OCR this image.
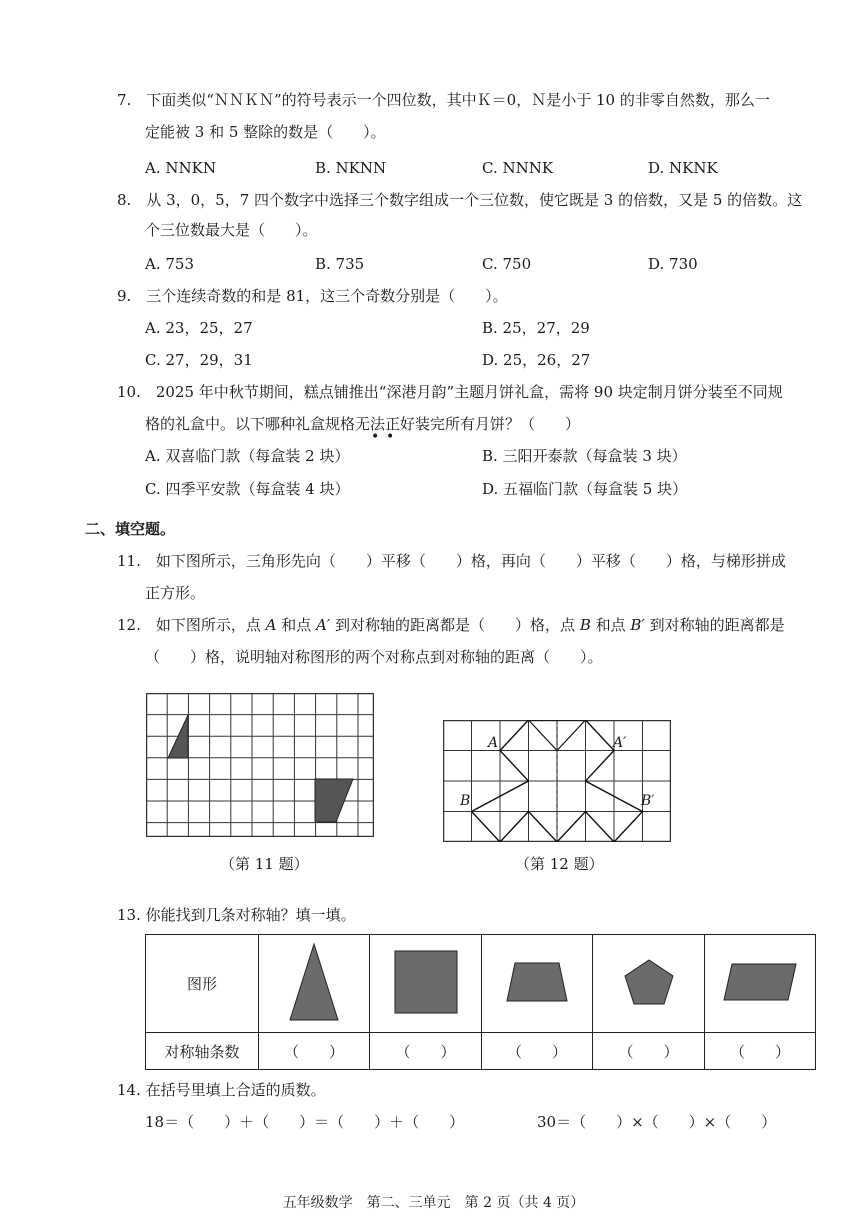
7.　下面类似“ＮＮＫＮ”的符号表示一个四位数，其中Ｋ＝0，Ｎ是小于 10 的非零自然数，那么一
定能被 3 和 5 整除的数是（　　）。
A. NNKN	B. NKNN	C. NNNK	D. NKNK
8.　从 3，0，5，7 四个数字中选择三个数字组成一个三位数，使它既是 3 的倍数，又是 5 的倍数。这
个三位数最大是（　　）。
A. 753	B. 735	C. 750	D. 730
9.　三个连续奇数的和是 81，这三个奇数分别是（　　）。
A. 23，25，27	B. 25，27，29
C. 27，29，31	D. 25，26，27
10.　2025 年中秋节期间，糕点铺推出“深港月韵”主题月饼礼盒，需将 90 块定制月饼分装至不同规
格的礼盒中。以下哪种礼盒规格无法正好装完所有月饼？（　　）
• •
A. 双喜临门款（每盒装 2 块）	B. 三阳开泰款（每盒装 3 块）
C. 四季平安款（每盒装 4 块）	D. 五福临门款（每盒装 5 块）
二、填空题。
11.　如下图所示，三角形先向（　　）平移（　　）格，再向（　　）平移（　　）格，与梯形拼成
正方形。
12.　如下图所示，点 A 和点 A′ 到对称轴的距离都是（　　）格，点 B 和点 B′ 到对称轴的距离都是
（　　）格，说明轴对称图形的两个对称点到对称轴的距离（　　）。
（第 11 题）
A	A′
B	B′
（第 12 题）
13. 你能找到几条对称轴？填一填。
图形					
对称轴条数	（　　）	（　　）	（　　）	（　　）	（　　）
14. 在括号里填上合适的质数。
18＝（　　）＋（　　）＝（　　）＋（　　）	30＝（　　）×（　　）×（　　）
五年级数学　第二、三单元　第 2 页（共 4 页）
